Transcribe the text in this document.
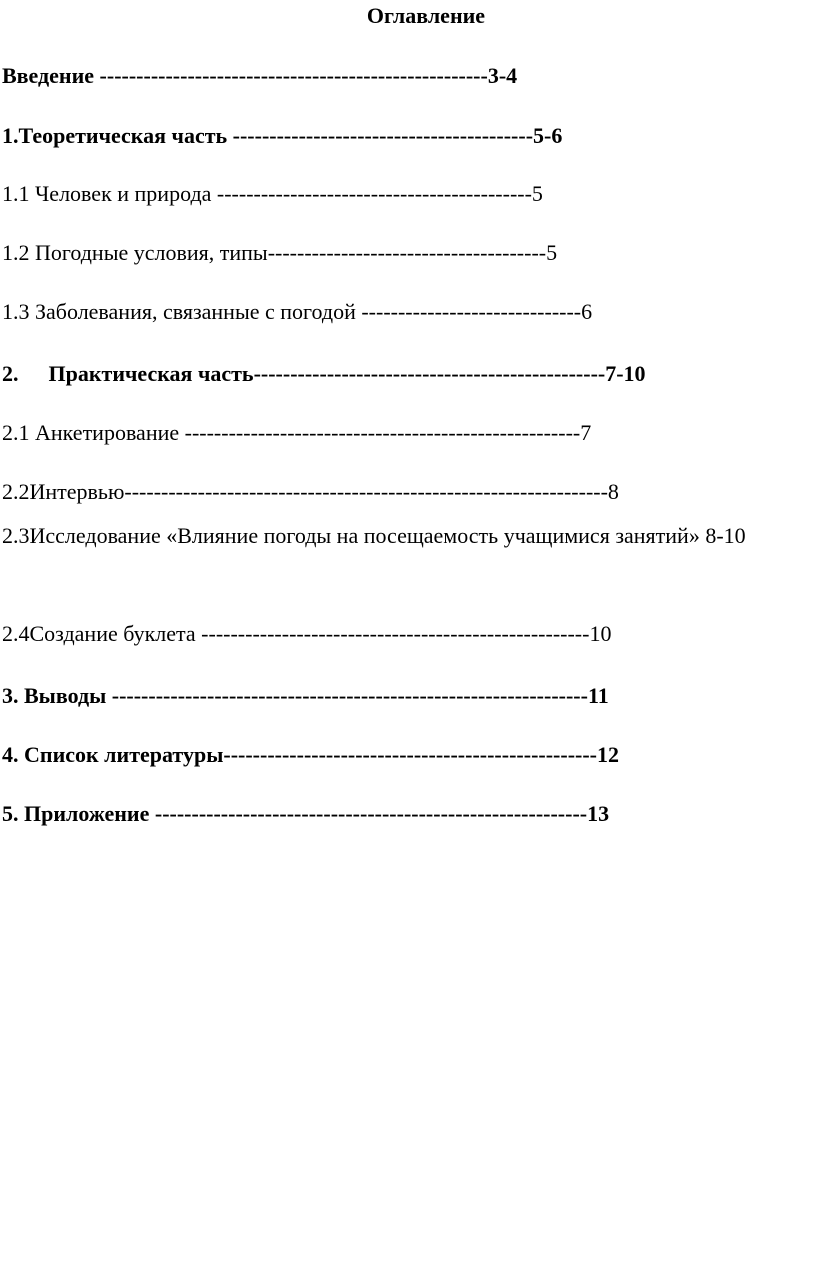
Оглавление
Введение -----------------------------------------------------3-4
1.Теоретическая часть -----------------------------------------5-6
1.1 Человек и природа -------------------------------------------5
1.2 Погодные условия, типы--------------------------------------5
1.3 Заболевания, связанные с погодой ------------------------------6
2. Практическая часть------------------------------------------------7-10
2.1 Анкетирование ------------------------------------------------------7
2.2Интервью------------------------------------------------------------------8
2.3Исследование «Влияние погоды на посещаемость учащимися занятий» 8-10
2.4Создание буклета -----------------------------------------------------10
3. Выводы -----------------------------------------------------------------11
4. Список литературы---------------------------------------------------12
5. Приложение -----------------------------------------------------------13
